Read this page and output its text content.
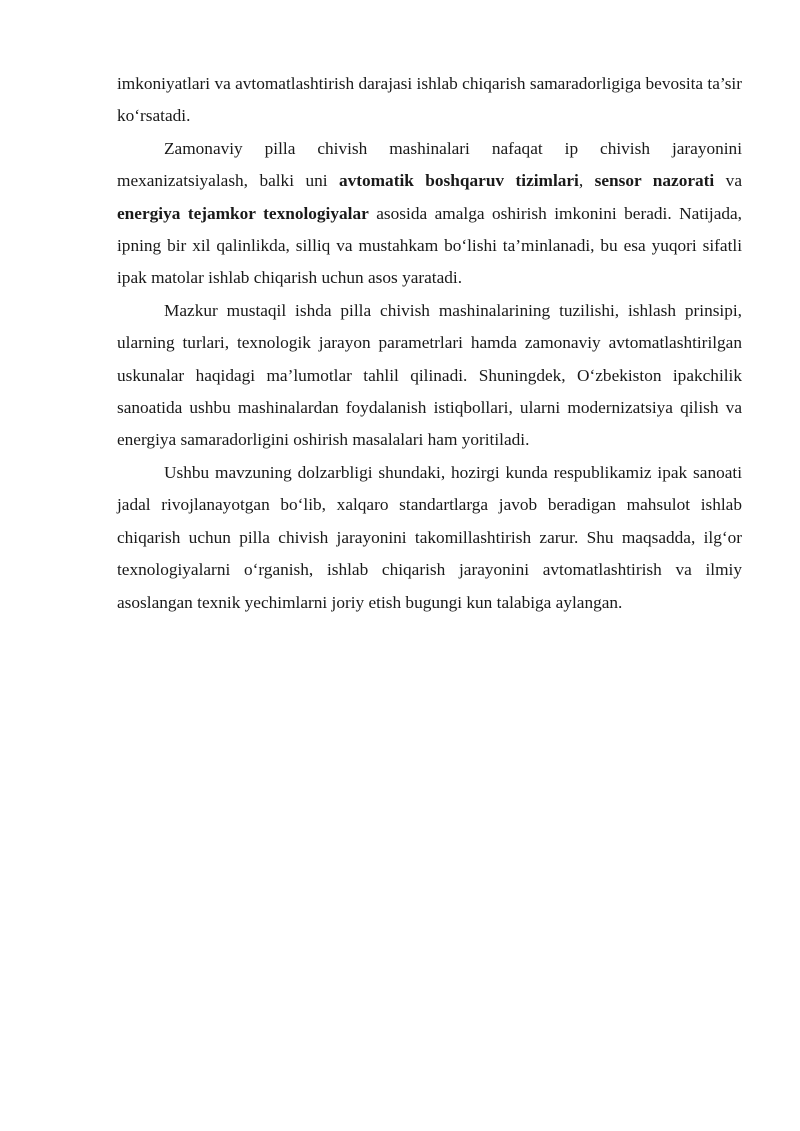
imkoniyatlari va avtomatlashtirish darajasi ishlab chiqarish samaradorligiga bevosita ta’sir ko‘rsatadi.

Zamonaviy pilla chivish mashinalari nafaqat ip chivish jarayonini mexanizatsiyalash, balki uni avtomatik boshqaruv tizimlari, sensor nazorati va energiya tejamkor texnologiyalar asosida amalga oshirish imkonini beradi. Natijada, ipning bir xil qalinlikda, silliq va mustahkam bo‘lishi ta’minlanadi, bu esa yuqori sifatli ipak matolar ishlab chiqarish uchun asos yaratadi.

Mazkur mustaqil ishda pilla chivish mashinalarining tuzilishi, ishlash prinsipi, ularning turlari, texnologik jarayon parametrlari hamda zamonaviy avtomatlashtirilgan uskunalar haqidagi ma’lumotlar tahlil qilinadi. Shuningdek, O‘zbekiston ipakchilik sanoatida ushbu mashinalardan foydalanish istiqbollari, ularni modernizatsiya qilish va energiya samaradorligini oshirish masalalari ham yoritiladi.

Ushbu mavzuning dolzarbligi shundaki, hozirgi kunda respublikamiz ipak sanoati jadal rivojlanayotgan bo‘lib, xalqaro standartlarga javob beradigan mahsulot ishlab chiqarish uchun pilla chivish jarayonini takomillashtirish zarur. Shu maqsadda, ilg‘or texnologiyalarni o‘rganish, ishlab chiqarish jarayonini avtomatlashtirish va ilmiy asoslangan texnik yechimlarni joriy etish bugungi kun talabiga aylangan.
